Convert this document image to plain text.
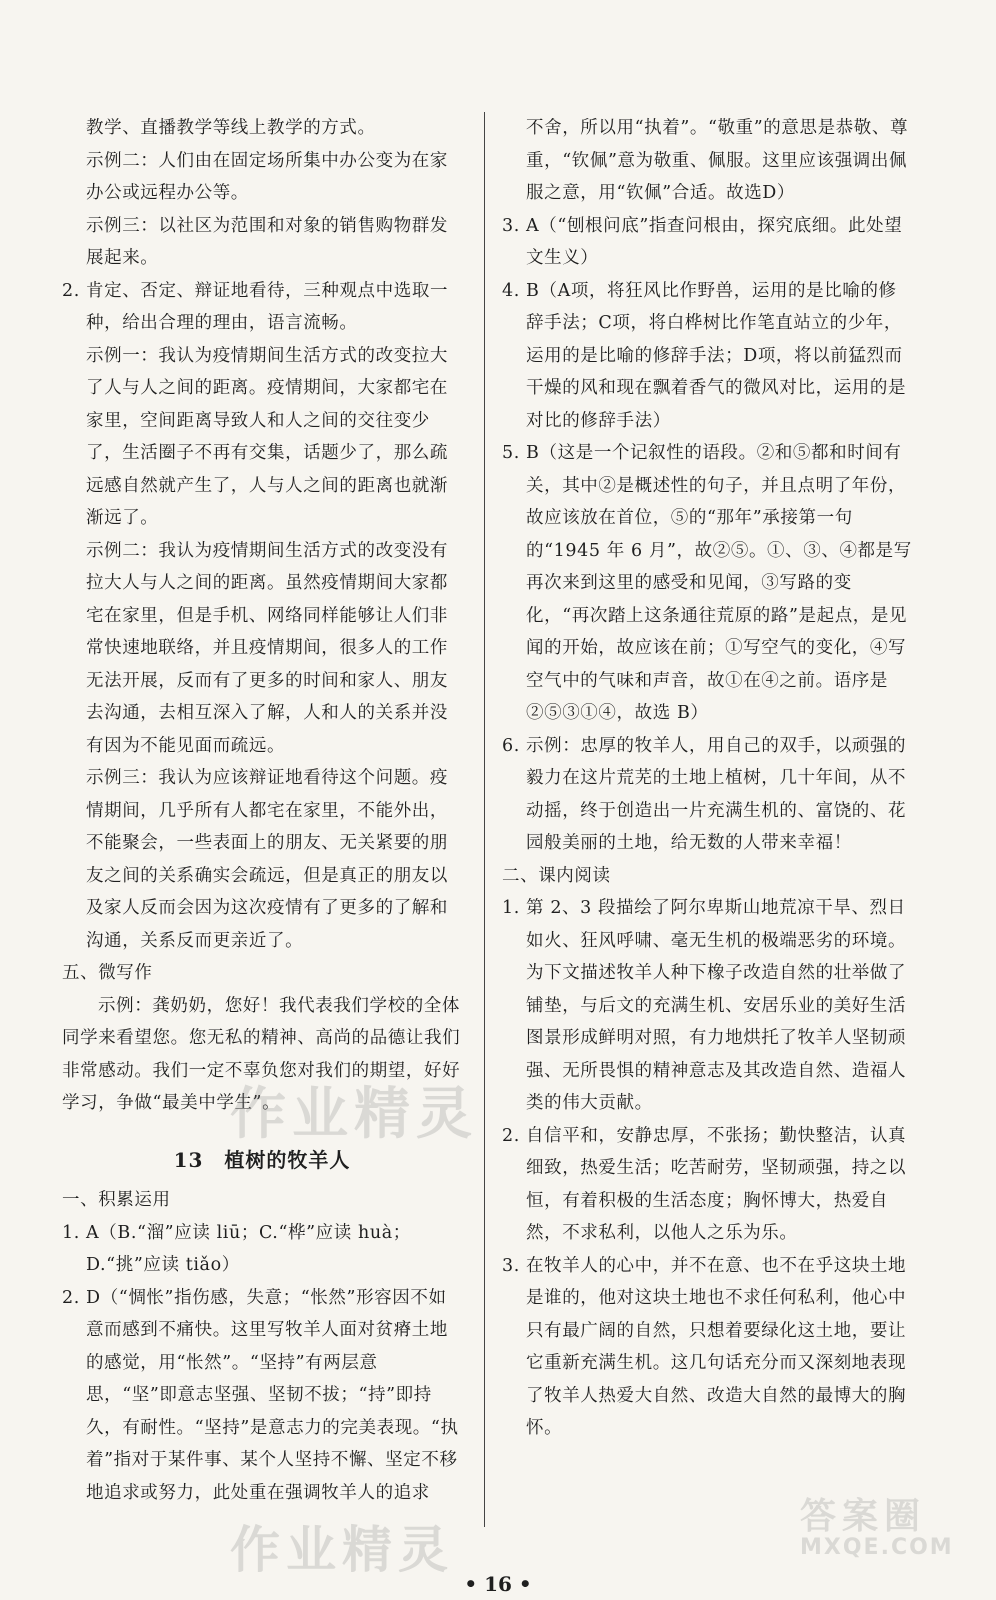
教学、直播教学等线上教学的方式。

示例二：人们由在固定场所集中办公变为在家办公或远程办公等。

示例三：以社区为范围和对象的销售购物群发展起来。

2. 肯定、否定、辩证地看待，三种观点中选取一种，给出合理的理由，语言流畅。

示例一：我认为疫情期间生活方式的改变拉大了人与人之间的距离。疫情期间，大家都宅在家里，空间距离导致人和人之间的交往变少了，生活圈子不再有交集，话题少了，那么疏远感自然就产生了，人与人之间的距离也就渐渐远了。

示例二：我认为疫情期间生活方式的改变没有拉大人与人之间的距离。虽然疫情期间大家都宅在家里，但是手机、网络同样能够让人们非常快速地联络，并且疫情期间，很多人的工作无法开展，反而有了更多的时间和家人、朋友去沟通，去相互深入了解，人和人的关系并没有因为不能见面而疏远。

示例三：我认为应该辩证地看待这个问题。疫情期间，几乎所有人都宅在家里，不能外出，不能聚会，一些表面上的朋友、无关紧要的朋友之间的关系确实会疏远，但是真正的朋友以及家人反而会因为这次疫情有了更多的了解和沟通，关系反而更亲近了。

五、微写作

示例：龚奶奶，您好！我代表我们学校的全体同学来看望您。您无私的精神、高尚的品德让我们非常感动。我们一定不辜负您对我们的期望，好好学习，争做“最美中学生”。

13　植树的牧羊人

一、积累运用

1. A（B.“溜”应读 liū；C.“桦”应读 huà；D.“挑”应读 tiǎo）

2. D（“惆怅”指伤感，失意；“怅然”形容因不如意而感到不痛快。这里写牧羊人面对贫瘠土地的感觉，用“怅然”。“坚持”有两层意思，“坚”即意志坚强、坚韧不拔；“持”即持久，有耐性。“坚持”是意志力的完美表现。“执着”指对于某件事、某个人坚持不懈、坚定不移地追求或努力，此处重在强调牧羊人的追求

不舍，所以用“执着”。“敬重”的意思是恭敬、尊重，“钦佩”意为敬重、佩服。这里应该强调出佩服之意，用“钦佩”合适。故选D）

3. A（“刨根问底”指查问根由，探究底细。此处望文生义）

4. B（A项，将狂风比作野兽，运用的是比喻的修辞手法；C项，将白桦树比作笔直站立的少年，运用的是比喻的修辞手法；D项，将以前猛烈而干燥的风和现在飘着香气的微风对比，运用的是对比的修辞手法）

5. B（这是一个记叙性的语段。②和⑤都和时间有关，其中②是概述性的句子，并且点明了年份，故应该放在首位，⑤的“那年”承接第一句的“1945 年 6 月”，故②⑤。①、③、④都是写再次来到这里的感受和见闻，③写路的变化，“再次踏上这条通往荒原的路”是起点，是见闻的开始，故应该在前；①写空气的变化，④写空气中的气味和声音，故①在④之前。语序是②⑤③①④，故选 B）

6. 示例：忠厚的牧羊人，用自己的双手，以顽强的毅力在这片荒芜的土地上植树，几十年间，从不动摇，终于创造出一片充满生机的、富饶的、花园般美丽的土地，给无数的人带来幸福！

二、课内阅读

1. 第 2、3 段描绘了阿尔卑斯山地荒凉干旱、烈日如火、狂风呼啸、毫无生机的极端恶劣的环境。为下文描述牧羊人种下橡子改造自然的壮举做了铺垫，与后文的充满生机、安居乐业的美好生活图景形成鲜明对照，有力地烘托了牧羊人坚韧顽强、无所畏惧的精神意志及其改造自然、造福人类的伟大贡献。

2. 自信平和，安静忠厚，不张扬；勤快整洁，认真细致，热爱生活；吃苦耐劳，坚韧顽强，持之以恒，有着积极的生活态度；胸怀博大，热爱自然，不求私利，以他人之乐为乐。

3. 在牧羊人的心中，并不在意、也不在乎这块土地是谁的，他对这块土地也不求任何私利，他心中只有最广阔的自然，只想着要绿化这土地，要让它重新充满生机。这几句话充分而又深刻地表现了牧羊人热爱大自然、改造大自然的最博大的胸怀。

• 16 •
作业精灵
作业精灵
答案圈
MXQE.COM
